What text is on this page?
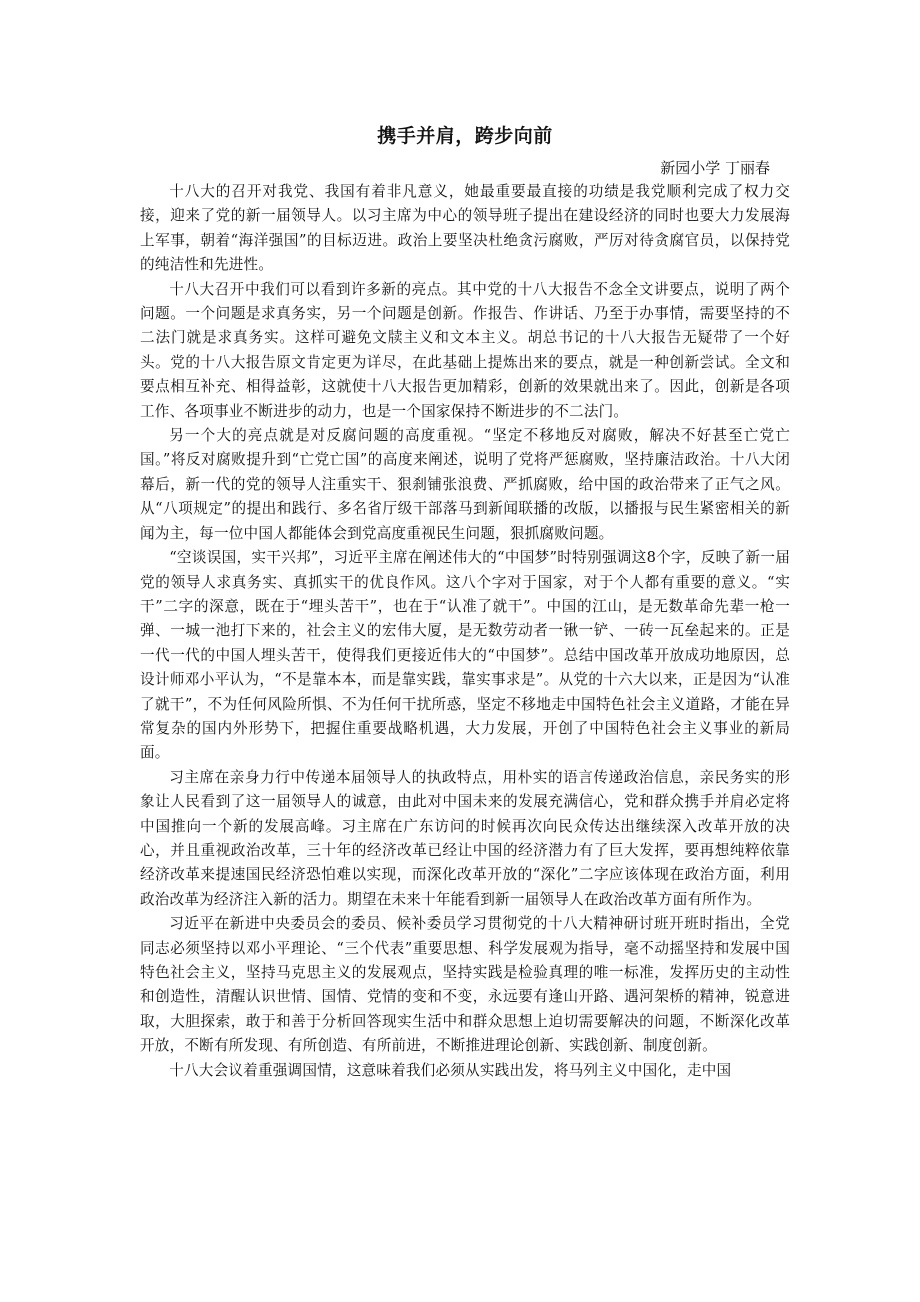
携手并肩，跨步向前
新园小学 丁丽春

十八大的召开对我党、我国有着非凡意义，她最重要最直接的功绩是我党顺利完成了权力交接，迎来了党的新一届领导人。以习主席为中心的领导班子提出在建设经济的同时也要大力发展海上军事，朝着“海洋强国”的目标迈进。政治上要坚决杜绝贪污腐败，严厉对待贪腐官员，以保持党的纯洁性和先进性。

十八大召开中我们可以看到许多新的亮点。其中党的十八大报告不念全文讲要点，说明了两个问题。一个问题是求真务实，另一个问题是创新。作报告、作讲话、乃至于办事情，需要坚持的不二法门就是求真务实。这样可避免文牍主义和文本主义。胡总书记的十八大报告无疑带了一个好头。党的十八大报告原文肯定更为详尽，在此基础上提炼出来的要点，就是一种创新尝试。全文和要点相互补充、相得益彰，这就使十八大报告更加精彩，创新的效果就出来了。因此，创新是各项工作、各项事业不断进步的动力，也是一个国家保持不断进步的不二法门。

另一个大的亮点就是对反腐问题的高度重视。“坚定不移地反对腐败，解决不好甚至亡党亡国。”将反对腐败提升到“亡党亡国”的高度来阐述，说明了党将严惩腐败，坚持廉洁政治。十八大闭幕后，新一代的党的领导人注重实干、狠刹铺张浪费、严抓腐败，给中国的政治带来了正气之风。从“八项规定”的提出和践行、多名省厅级干部落马到新闻联播的改版，以播报与民生紧密相关的新闻为主，每一位中国人都能体会到党高度重视民生问题，狠抓腐败问题。

“空谈误国，实干兴邦”，习近平主席在阐述伟大的“中国梦”时特别强调这8个字，反映了新一届党的领导人求真务实、真抓实干的优良作风。这八个字对于国家，对于个人都有重要的意义。“实干”二字的深意，既在于“埋头苦干”，也在于“认准了就干”。中国的江山，是无数革命先辈一枪一弹、一城一池打下来的，社会主义的宏伟大厦，是无数劳动者一锹一铲、一砖一瓦垒起来的。正是一代一代的中国人埋头苦干，使得我们更接近伟大的“中国梦”。总结中国改革开放成功地原因，总设计师邓小平认为，“不是靠本本，而是靠实践，靠实事求是”。从党的十六大以来，正是因为“认准了就干”，不为任何风险所惧、不为任何干扰所惑，坚定不移地走中国特色社会主义道路，才能在异常复杂的国内外形势下，把握住重要战略机遇，大力发展，开创了中国特色社会主义事业的新局面。

习主席在亲身力行中传递本届领导人的执政特点，用朴实的语言传递政治信息，亲民务实的形象让人民看到了这一届领导人的诚意，由此对中国未来的发展充满信心，党和群众携手并肩必定将中国推向一个新的发展高峰。习主席在广东访问的时候再次向民众传达出继续深入改革开放的决心，并且重视政治改革，三十年的经济改革已经让中国的经济潜力有了巨大发挥，要再想纯粹依靠经济改革来提速国民经济恐怕难以实现，而深化改革开放的“深化”二字应该体现在政治方面，利用政治改革为经济注入新的活力。期望在未来十年能看到新一届领导人在政治改革方面有所作为。

习近平在新进中央委员会的委员、候补委员学习贯彻党的十八大精神研讨班开班时指出，全党同志必须坚持以邓小平理论、“三个代表”重要思想、科学发展观为指导，毫不动摇坚持和发展中国特色社会主义，坚持马克思主义的发展观点，坚持实践是检验真理的唯一标准，发挥历史的主动性和创造性，清醒认识世情、国情、党情的变和不变，永远要有逢山开路、遇河架桥的精神，锐意进取，大胆探索，敢于和善于分析回答现实生活中和群众思想上迫切需要解决的问题，不断深化改革开放，不断有所发现、有所创造、有所前进，不断推进理论创新、实践创新、制度创新。

十八大会议着重强调国情，这意味着我们必须从实践出发，将马列主义中国化，走中国
